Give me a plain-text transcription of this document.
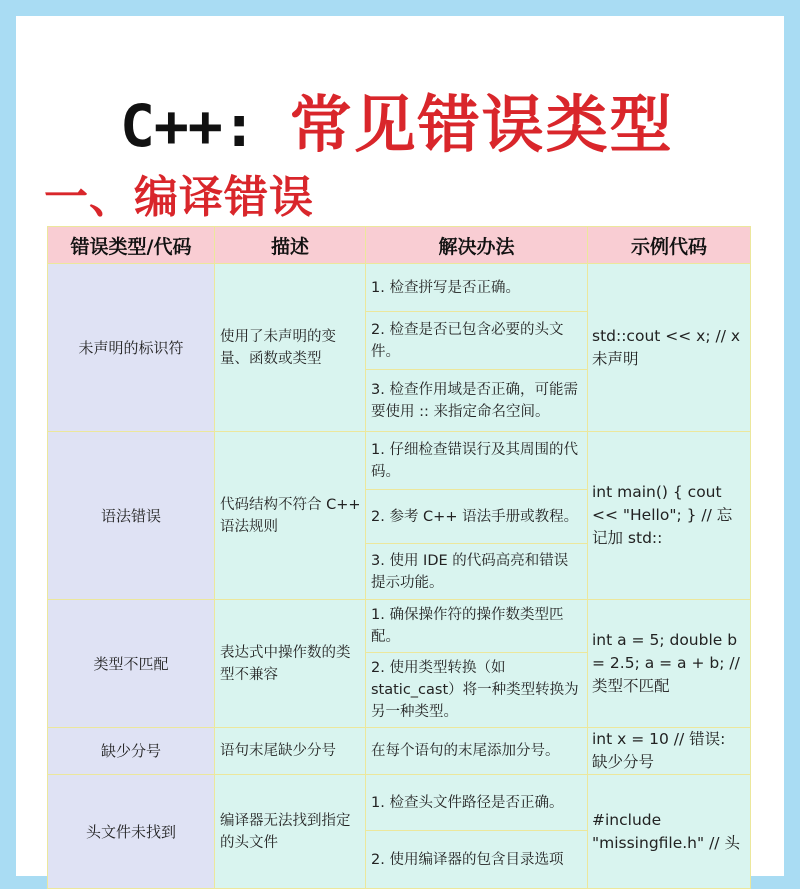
C++: 常见错误类型
一、编译错误
错误类型/代码	描述	解决办法	示例代码
未声明的标识符	使用了未声明的变量、函数或类型	1. 检查拼写是否正确。	std::cout << x; // x 未声明
		2. 检查是否已包含必要的头文件。	
		3. 检查作用域是否正确，可能需要使用 :: 来指定命名空间。	
语法错误	代码结构不符合 C++ 语法规则	1. 仔细检查错误行及其周围的代码。	int main() { cout << "Hello"; } // 忘记加 std::
		2. 参考 C++ 语法手册或教程。	
		3. 使用 IDE 的代码高亮和错误提示功能。	
类型不匹配	表达式中操作数的类型不兼容	1. 确保操作符的操作数类型匹配。	int a = 5; double b = 2.5; a = a + b; // 类型不匹配
		2. 使用类型转换（如 static_cast）将一种类型转换为另一种类型。	
缺少分号	语句末尾缺少分号	在每个语句的末尾添加分号。	int x = 10 // 错误: 缺少分号
头文件未找到	编译器无法找到指定的头文件	1. 检查头文件路径是否正确。	#include "missingfile.h" // 头
		2. 使用编译器的包含目录选项	
